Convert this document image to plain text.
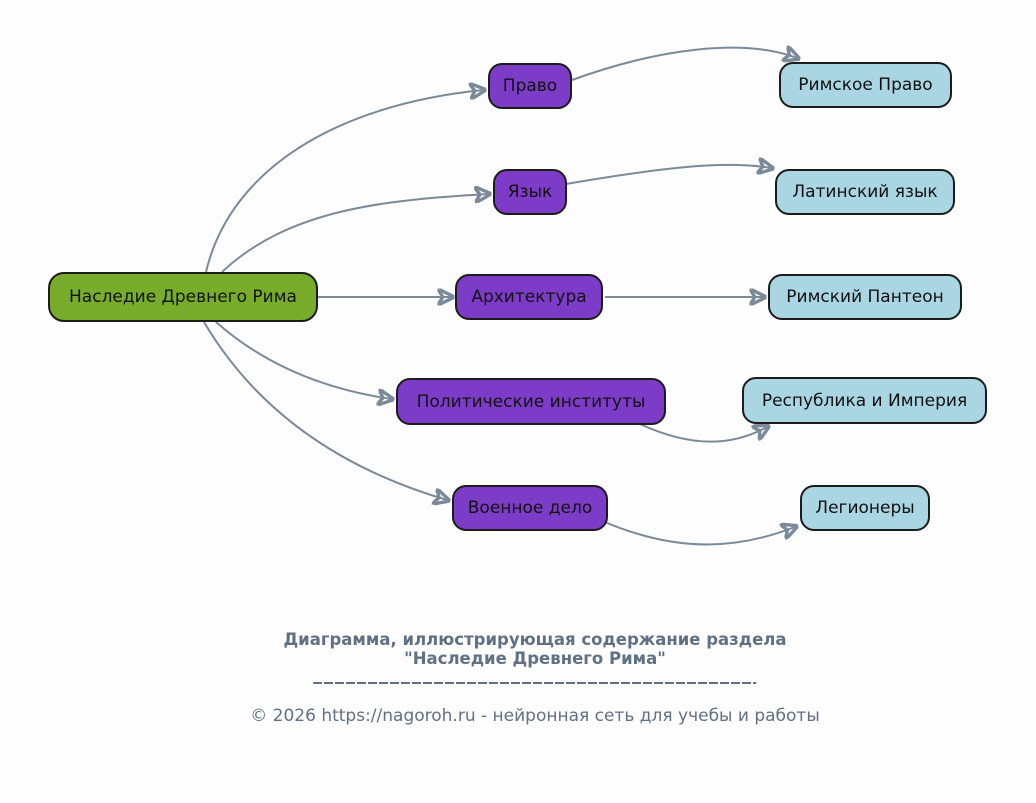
Наследие Древнего Рима
Право
Язык
Архитектура
Политические институты
Военное дело
Римское Право
Латинский язык
Римский Пантеон
Республика и Империя
Легионеры
Диаграмма, иллюстрирующая содержание раздела
"Наследие Древнего Рима"
© 2026 https://nagoroh.ru - нейронная сеть для учебы и работы
